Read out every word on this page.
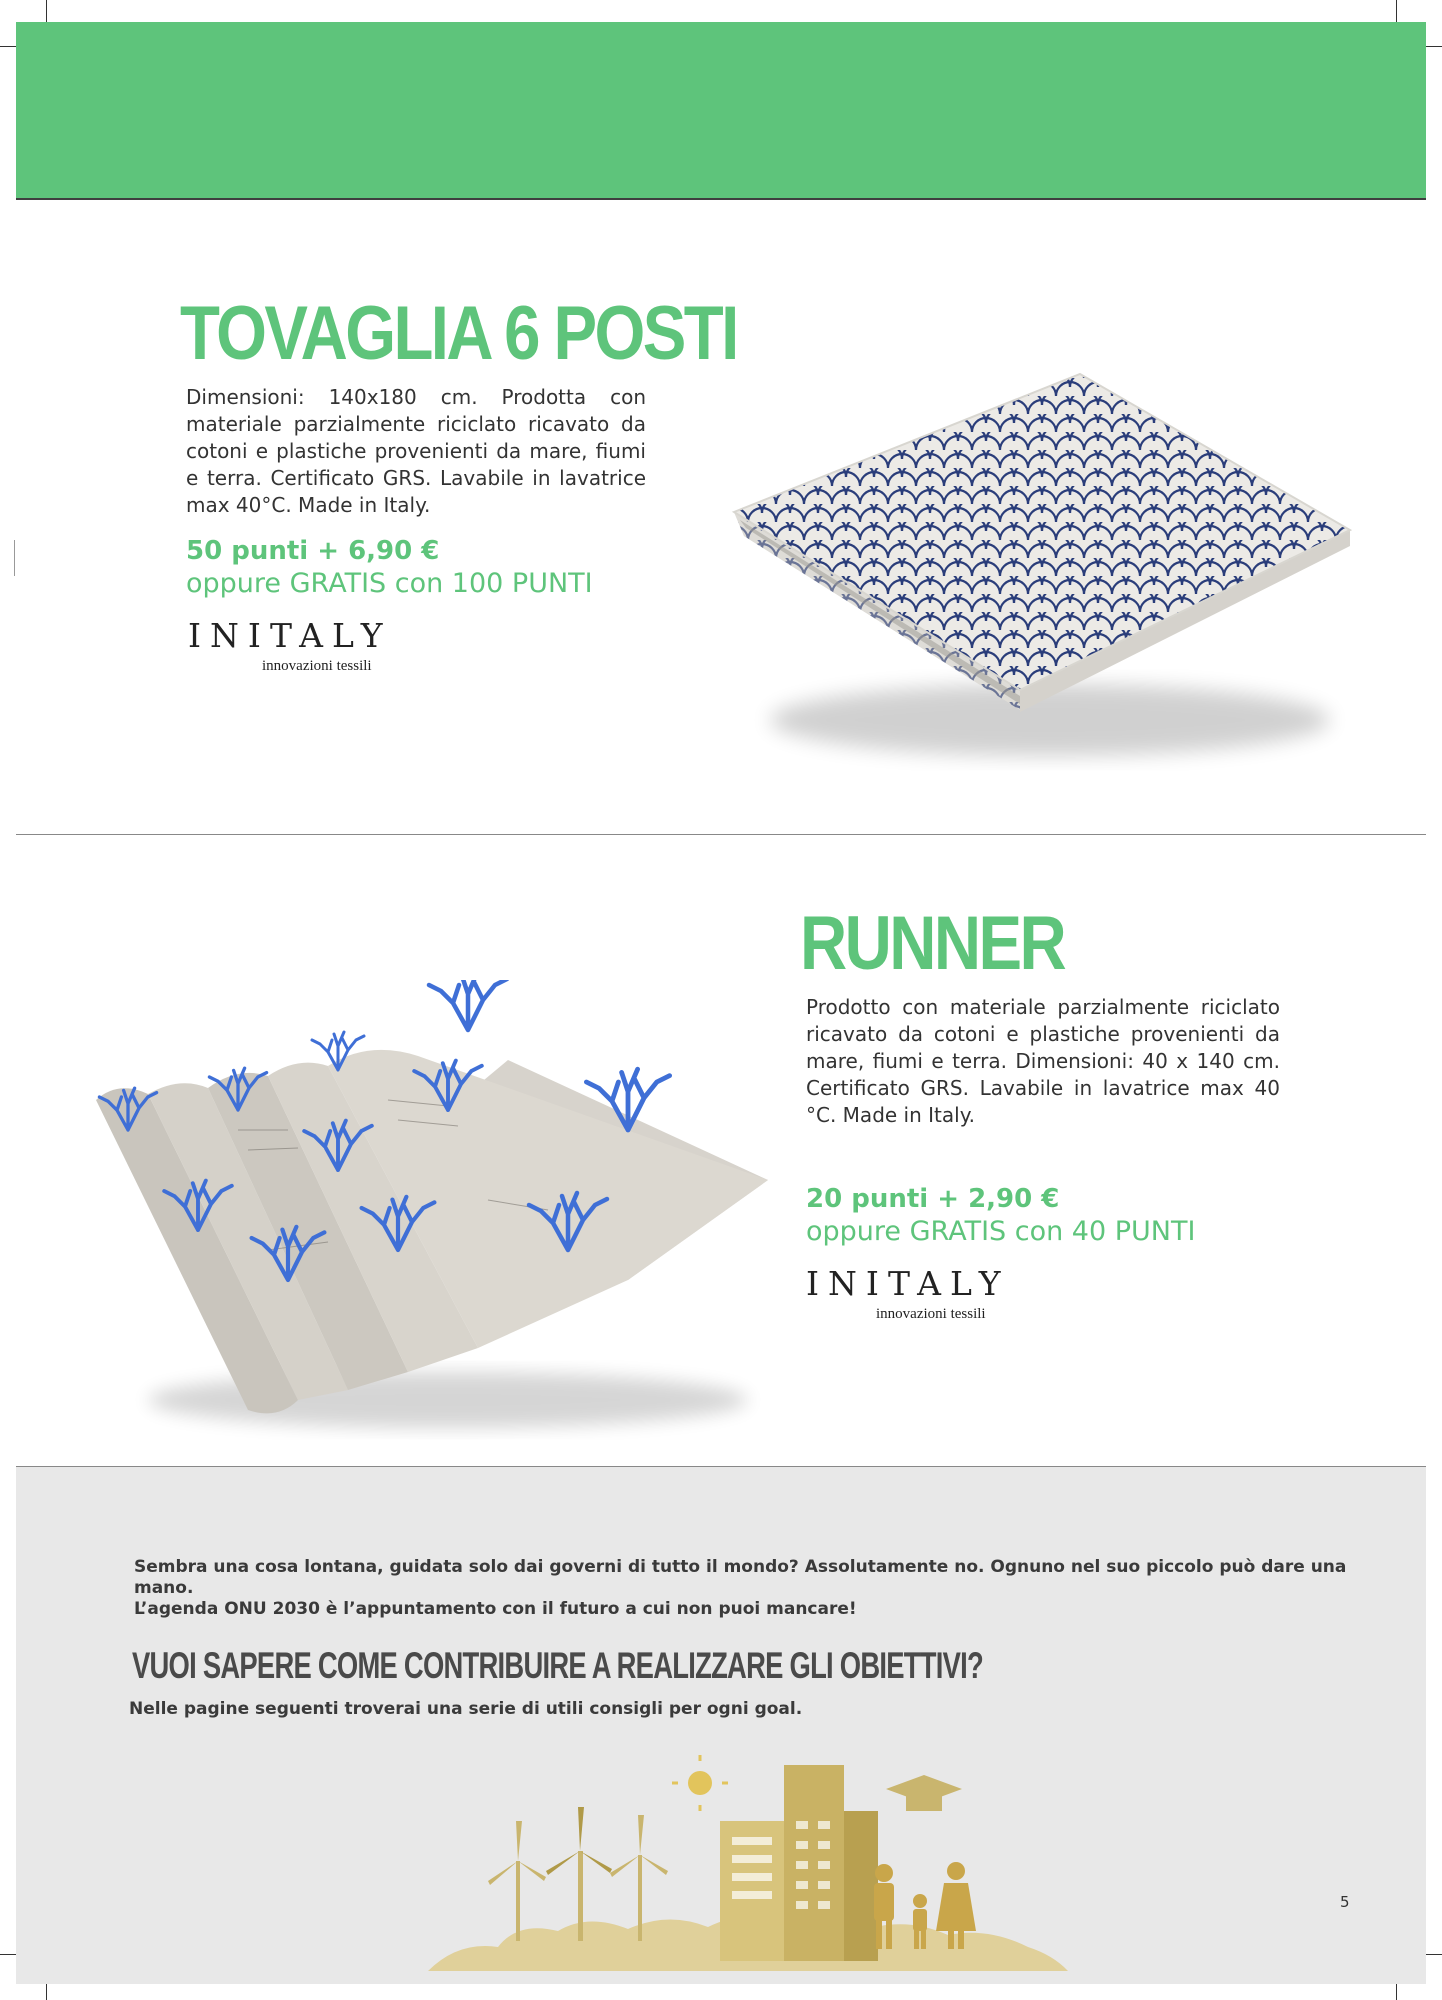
TOVAGLIA 6 POSTI

Dimensioni: 140x180 cm. Prodotta con materiale parzialmente riciclato ricavato da cotoni e plastiche provenienti da mare, fiumi e terra. Certificato GRS. Lavabile in lavatrice max 40°C. Made in Italy.

50 punti + 6,90 €
oppure GRATIS con 100 PUNTI
INITALY
innovazioni tessili
RUNNER

Prodotto con materiale parzialmente riciclato ricavato da cotoni e plastiche provenienti da mare, fiumi e terra. Dimensioni: 40 x 140 cm. Certificato GRS. Lavabile in lavatrice max 40 °C. Made in Italy.

20 punti + 2,90 €
oppure GRATIS con 40 PUNTI
INITALY
innovazioni tessili

Sembra una cosa lontana, guidata solo dai governi di tutto il mondo? Assolutamente no. Ognuno nel suo piccolo può dare una mano.

L’agenda ONU 2030 è l’appuntamento con il futuro a cui non puoi mancare!

VUOI SAPERE COME CONTRIBUIRE A REALIZZARE GLI OBIETTIVI?

Nelle pagine seguenti troverai una serie di utili consigli per ogni goal.

5
